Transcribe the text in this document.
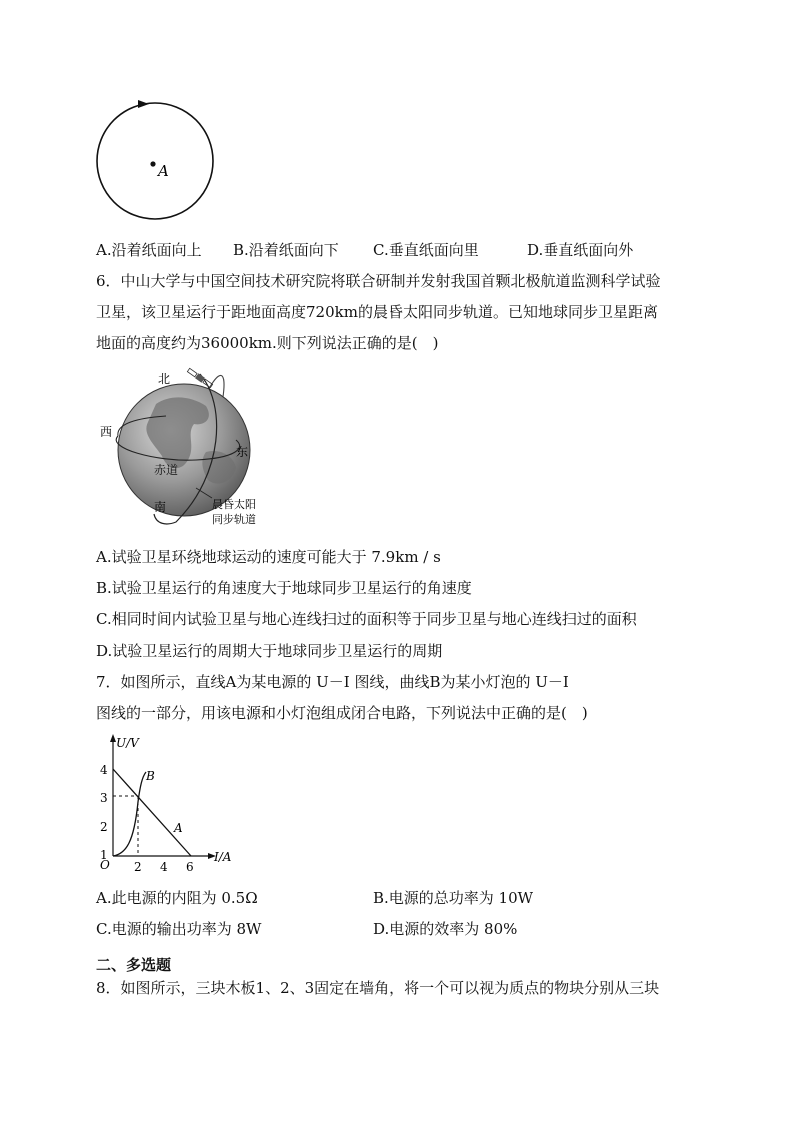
A
A.沿着纸面向上 B.沿着纸面向下 C.垂直纸面向里	D.垂直纸面向外
6．中山大学与中国空间技术研究院将联合研制并发射我国首颗北极航道监测科学试验
卫星，该卫星运行于距地面高度720km的晨昏太阳同步轨道。已知地球同步卫星距离
地面的高度约为36000km.则下列说法正确的是(　)
北
西
东
南
赤道
晨昏太阳
同步轨道
A.试验卫星环绕地球运动的速度可能大于 7.9km / s
B.试验卫星运行的角速度大于地球同步卫星运行的角速度
C.相同时间内试验卫星与地心连线扫过的面积等于同步卫星与地心连线扫过的面积
D.试验卫星运行的周期大于地球同步卫星运行的周期
7．如图所示，直线A为某电源的 U－I 图线，曲线B为某小灯泡的 U－I
图线的一部分，用该电源和小灯泡组成闭合电路，下列说法中正确的是(　)
U/V
I/A
O
4
3
2
1
2 4 6
B
A
A.此电源的内阻为 0.5Ω	B.电源的总功率为 10W
C.电源的输出功率为 8W	D.电源的效率为 80%
二、多选题
8．如图所示，三块木板1、2、3固定在墙角，将一个可以视为质点的物块分别从三块
